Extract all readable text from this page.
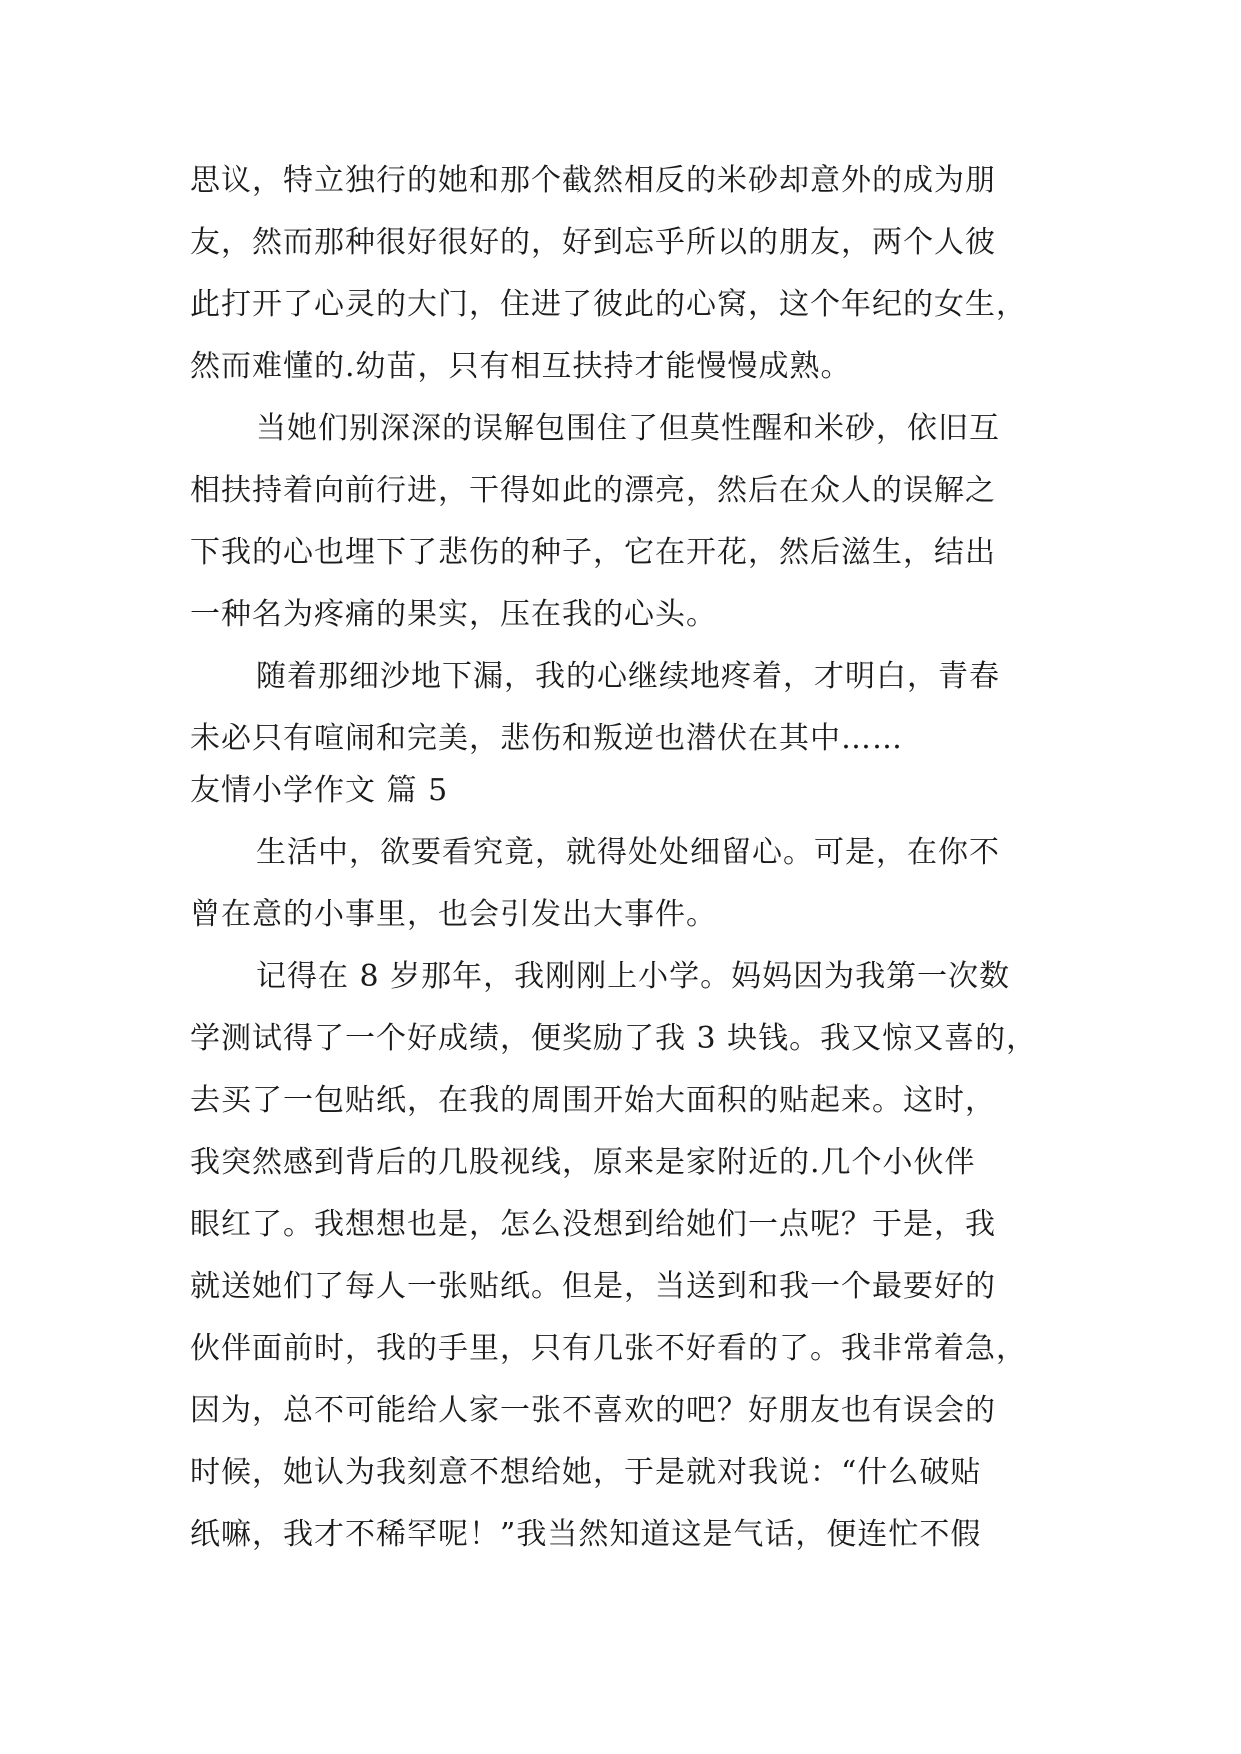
思议，特立独行的她和那个截然相反的米砂却意外的成为朋
友，然而那种很好很好的，好到忘乎所以的朋友，两个人彼
此打开了心灵的大门，住进了彼此的心窝，这个年纪的女生，
然而难懂的.幼苗，只有相互扶持才能慢慢成熟。
当她们别深深的误解包围住了但莫性醒和米砂，依旧互
相扶持着向前行进，干得如此的漂亮，然后在众人的误解之
下我的心也埋下了悲伤的种子，它在开花，然后滋生，结出
一种名为疼痛的果实，压在我的心头。
随着那细沙地下漏，我的心继续地疼着，才明白，青春
未必只有喧闹和完美，悲伤和叛逆也潜伏在其中……
友情小学作文 篇 5
生活中，欲要看究竟，就得处处细留心。可是，在你不
曾在意的小事里，也会引发出大事件。
记得在 8 岁那年，我刚刚上小学。妈妈因为我第一次数
学测试得了一个好成绩，便奖励了我 3 块钱。我又惊又喜的，
去买了一包贴纸，在我的周围开始大面积的贴起来。这时，
我突然感到背后的几股视线，原来是家附近的.几个小伙伴
眼红了。我想想也是，怎么没想到给她们一点呢？于是，我
就送她们了每人一张贴纸。但是，当送到和我一个最要好的
伙伴面前时，我的手里，只有几张不好看的了。我非常着急，
因为，总不可能给人家一张不喜欢的吧？好朋友也有误会的
时候，她认为我刻意不想给她，于是就对我说：“什么破贴
纸嘛，我才不稀罕呢！”我当然知道这是气话，便连忙不假
